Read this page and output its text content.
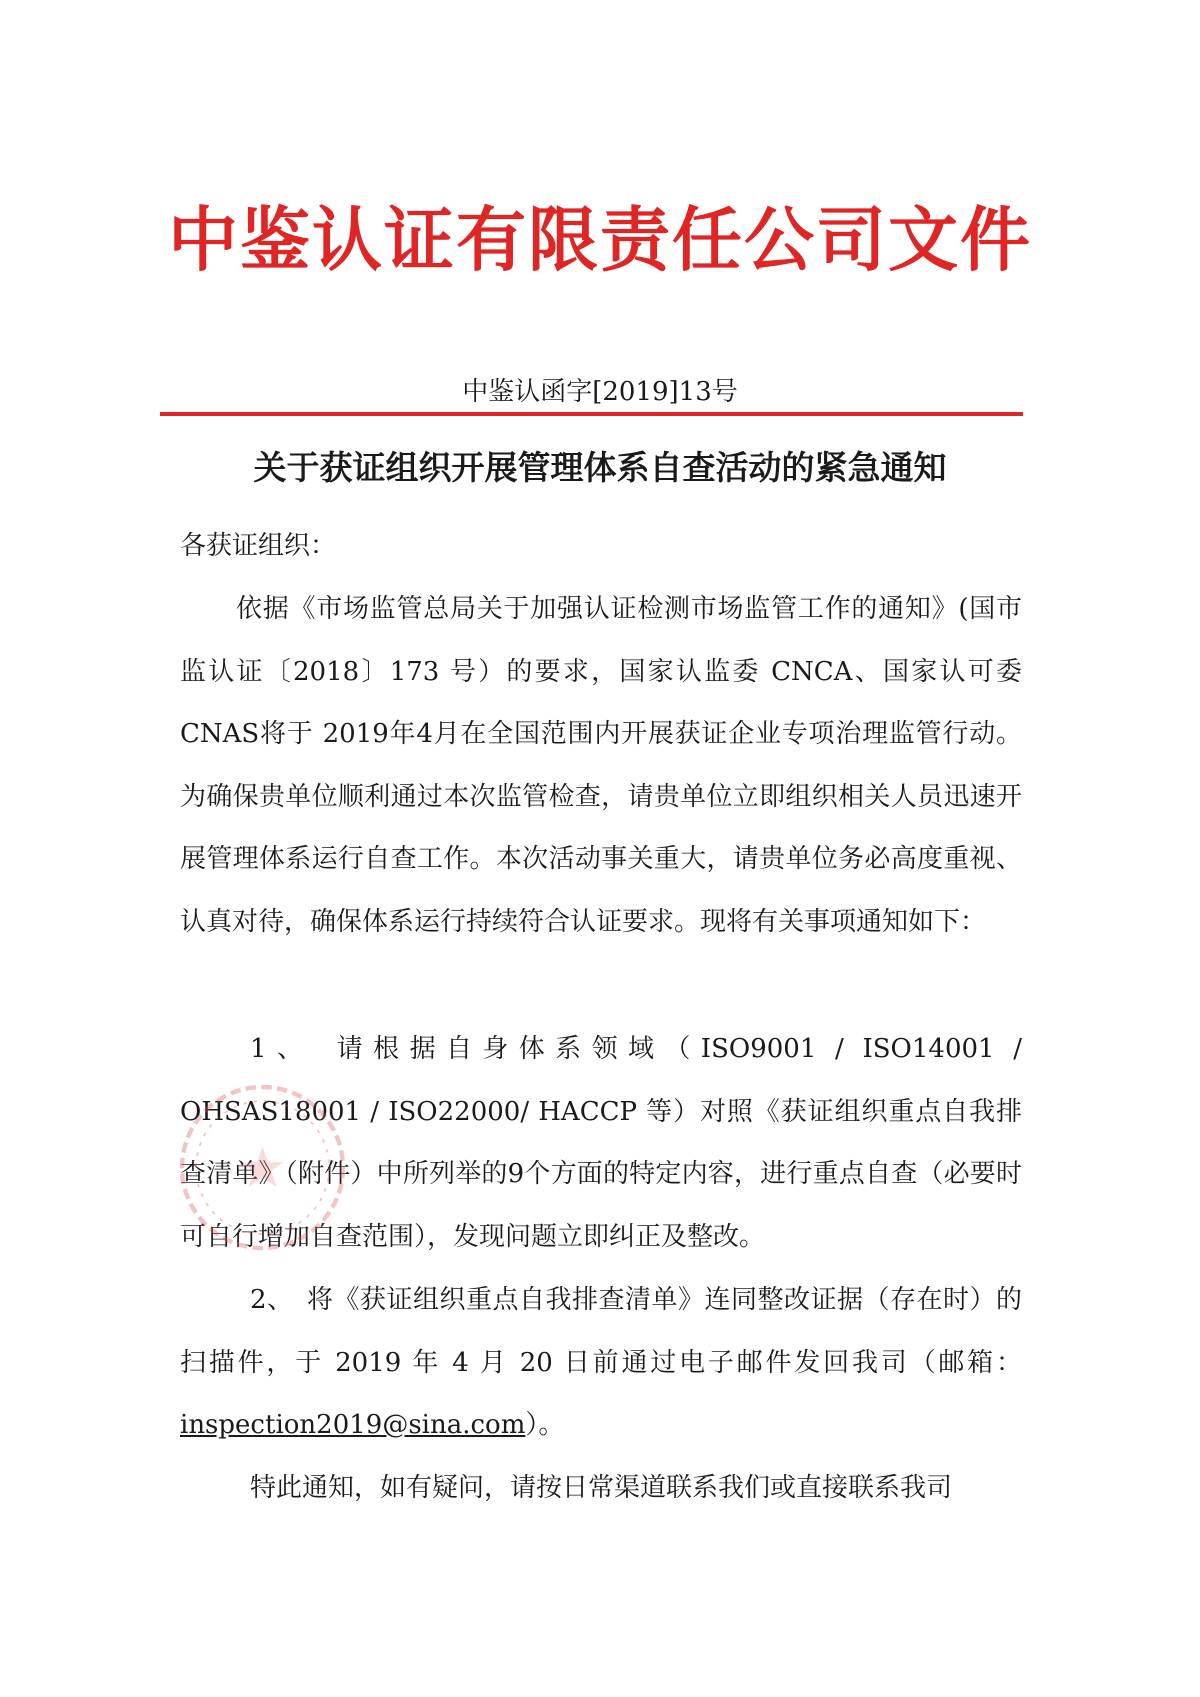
中鉴认证有限责任公司文件
中鉴认函字[2019]13号
关于获证组织开展管理体系自查活动的紧急通知
各获证组织：
依据《市场监管总局关于加强认证检测市场监管工作的通知》(国市监认证〔2018〕173 号）的要求，国家认监委 CNCA、国家认可委 CNAS将于 2019年4月在全国范围内开展获证企业专项治理监管行动。为确保贵单位顺利通过本次监管检查，请贵单位立即组织相关人员迅速开展管理体系运行自查工作。本次活动事关重大，请贵单位务必高度重视、认真对待，确保体系运行持续符合认证要求。现将有关事项通知如下：
1、　请根据自身体系领域（ISO9001 / ISO14001 / OHSAS18001 / ISO22000/ HACCP 等）对照《获证组织重点自我排查清单》（附件）中所列举的9个方面的特定内容，进行重点自查（必要时可自行增加自查范围），发现问题立即纠正及整改。
2、　将《获证组织重点自我排查清单》连同整改证据（存在时）的扫描件，于 2019 年 4 月 20 日前通过电子邮件发回我司（邮箱：inspection2019@sina.com）。
特此通知，如有疑问，请按日常渠道联系我们或直接联系我司
